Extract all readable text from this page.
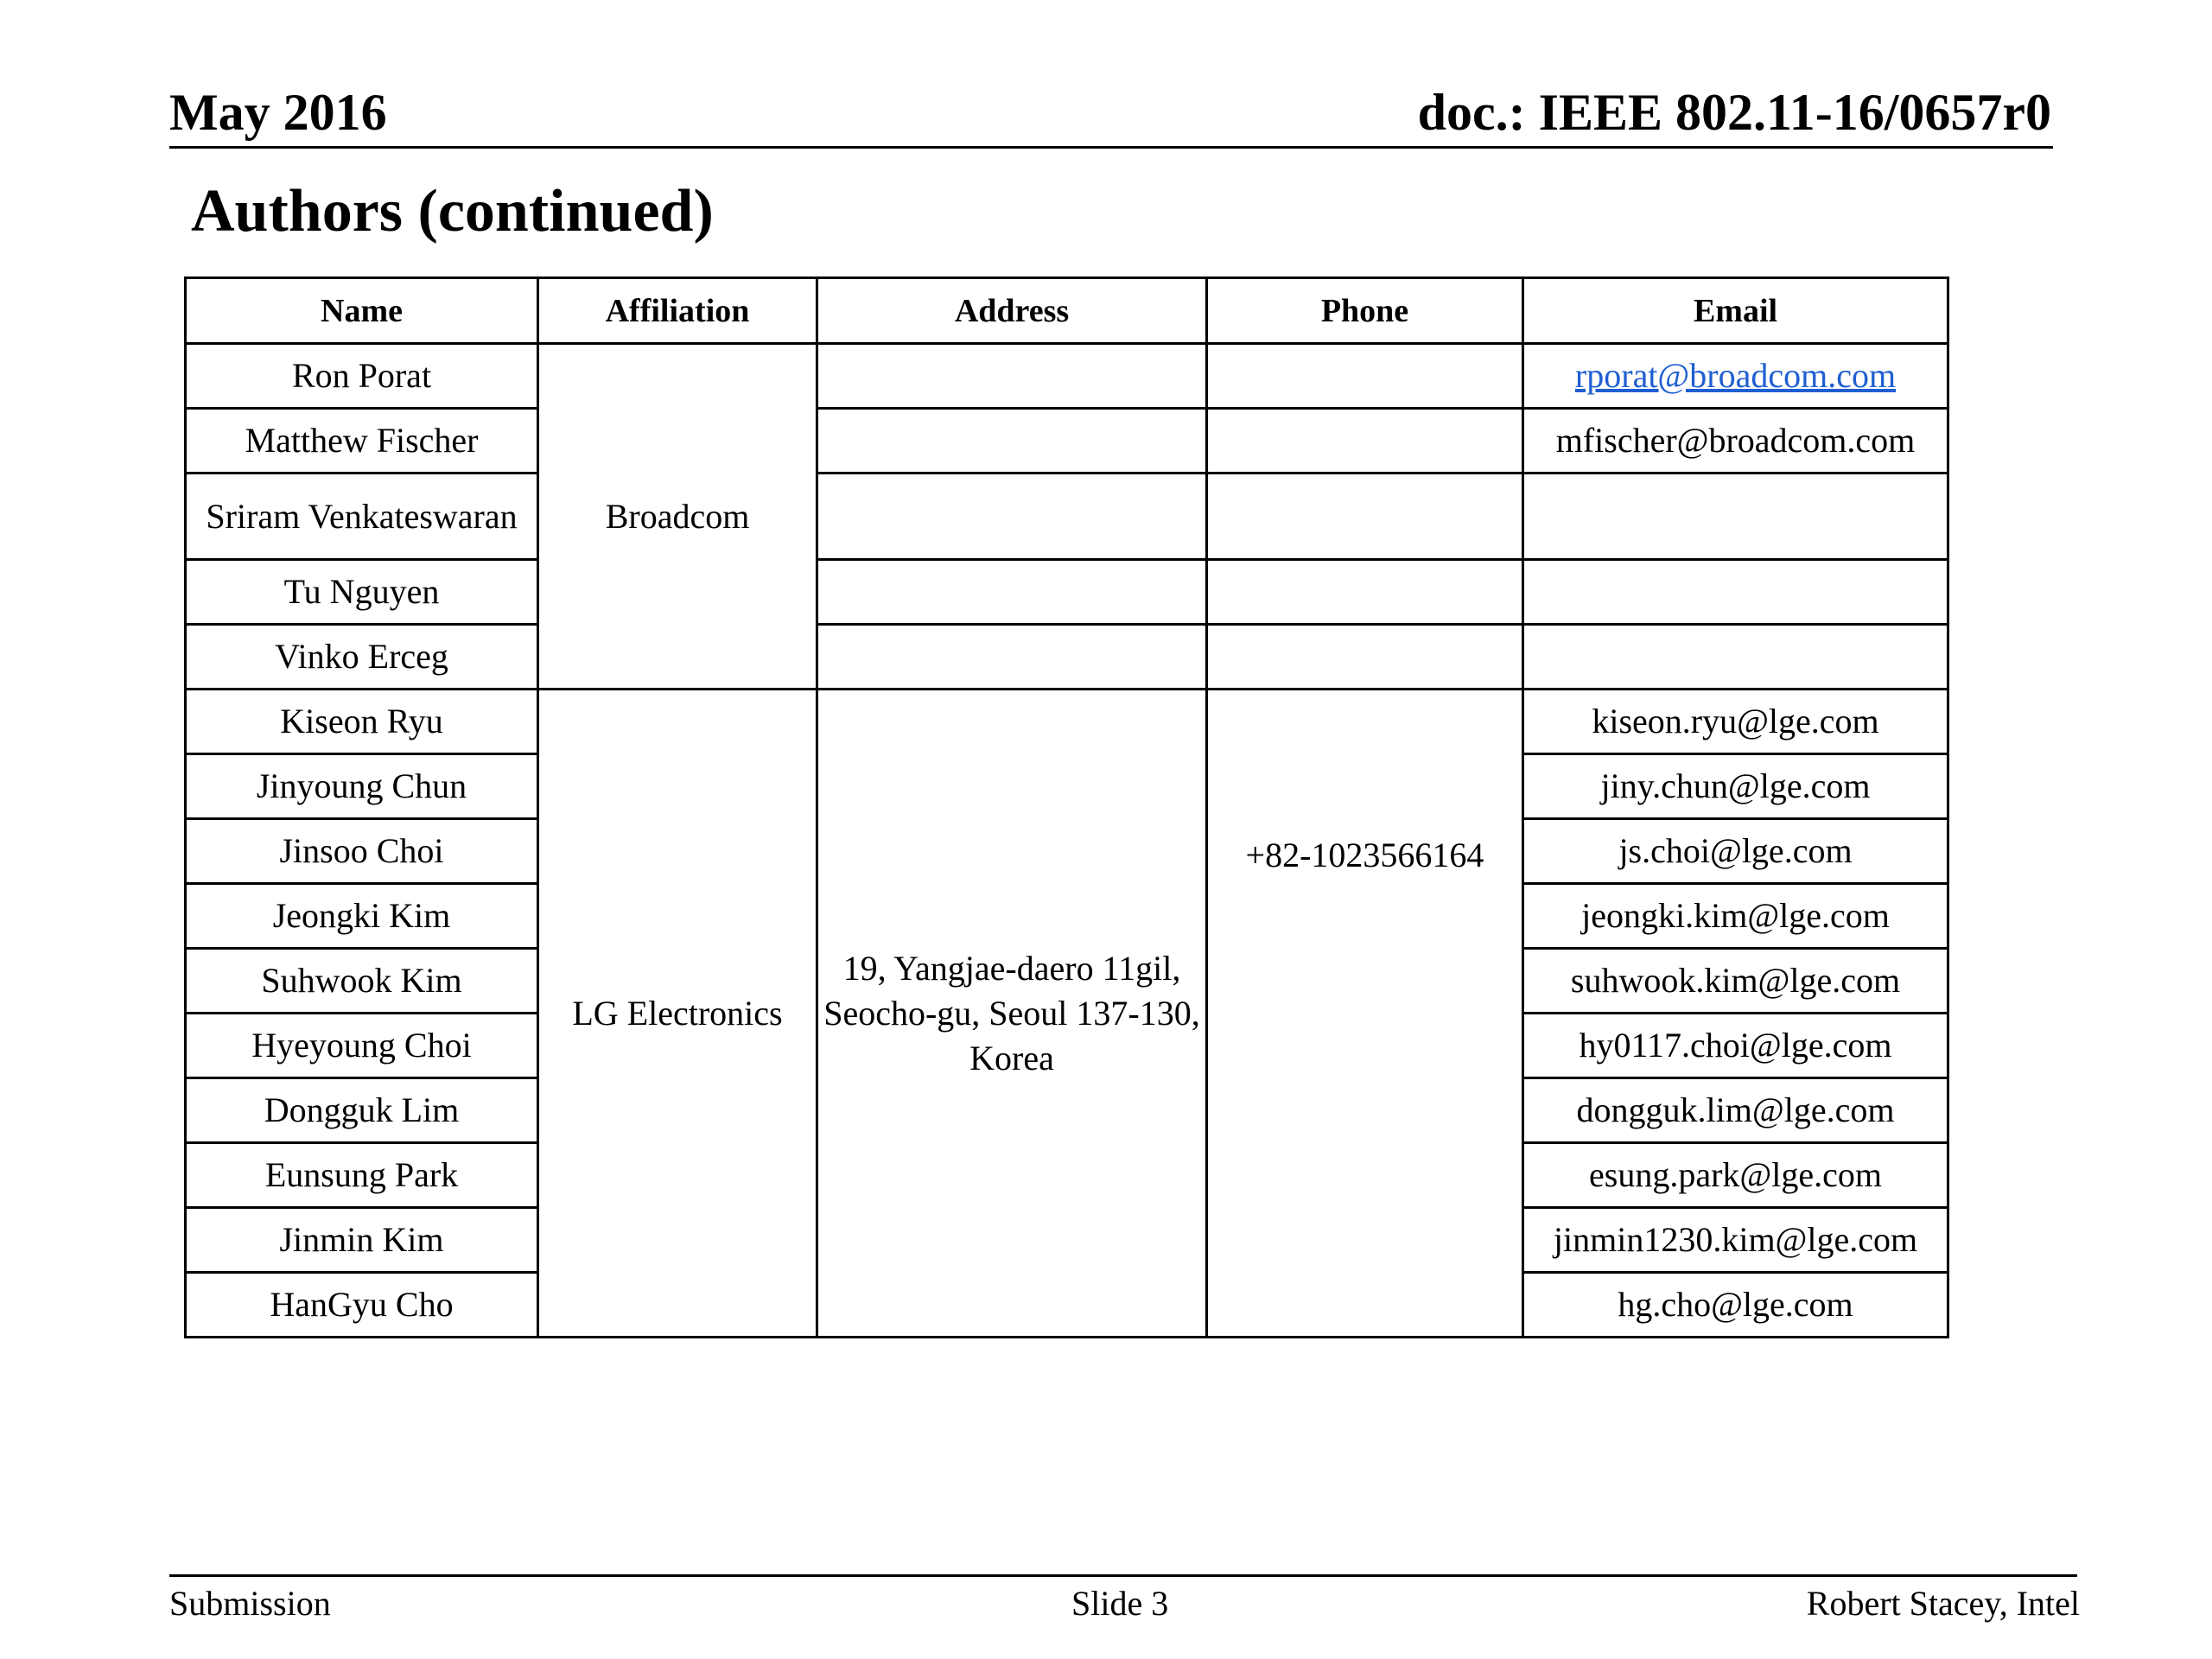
May 2016	doc.: IEEE 802.11-16/0657r0
Authors (continued)
Name	Affiliation	Address	Phone	Email
Ron Porat	Broadcom			rporat@broadcom.com
Matthew Fischer				mfischer@broadcom.com
Sriram Venkateswaran				
Tu Nguyen				
Vinko Erceg				
Kiseon Ryu	LG Electronics	19, Yangjae-daero 11gil, Seocho-gu, Seoul 137-130, Korea	+82-1023566164	kiseon.ryu@lge.com
Jinyoung Chun				jiny.chun@lge.com
Jinsoo Choi				js.choi@lge.com
Jeongki Kim				jeongki.kim@lge.com
Suhwook Kim				suhwook.kim@lge.com
Hyeyoung Choi				hy0117.choi@lge.com
Dongguk Lim				dongguk.lim@lge.com
Eunsung Park				esung.park@lge.com
Jinmin Kim				jinmin1230.kim@lge.com
HanGyu Cho				hg.cho@lge.com
Submission	Slide 3	Robert Stacey, Intel
